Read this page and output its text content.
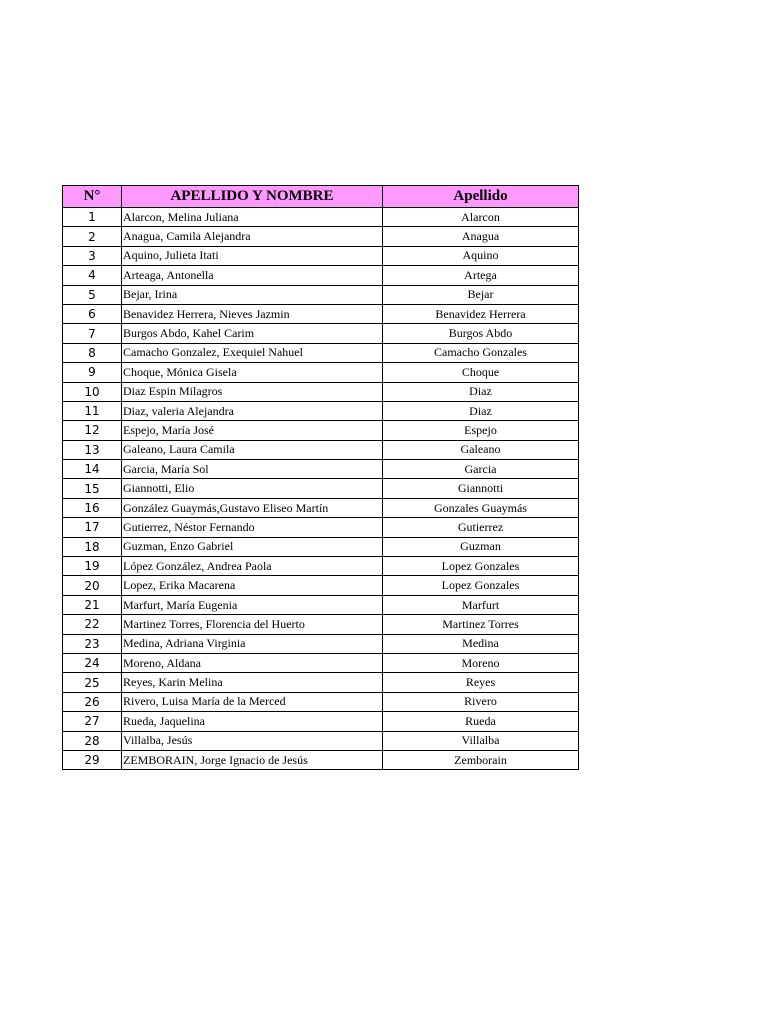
N°	APELLIDO Y NOMBRE	Apellido
1	Alarcon, Melina Juliana	Alarcon
2	Anagua, Camila Alejandra	Anagua
3	Aquino, Julieta Itati	Aquino
4	Arteaga, Antonella	Artega
5	Bejar, Irina	Bejar
6	Benavidez Herrera, Nieves Jazmin	Benavidez Herrera
7	Burgos Abdo, Kahel Carim	Burgos Abdo
8	Camacho Gonzalez, Exequiel Nahuel	Camacho Gonzales
9	Choque, Mónica Gisela	Choque
10	Diaz Espin Milagros	Diaz
11	Diaz, valeria Alejandra	Diaz
12	Espejo, María José	Espejo
13	Galeano, Laura Camila	Galeano
14	Garcia, María Sol	Garcia
15	Giannotti, Elio	Giannotti
16	González Guaymás,Gustavo Eliseo Martín	Gonzales Guaymás
17	Gutierrez, Néstor Fernando	Gutierrez
18	Guzman, Enzo Gabriel	Guzman
19	López González, Andrea Paola	Lopez Gonzales
20	Lopez, Erika Macarena	Lopez Gonzales
21	Marfurt, María Eugenia	Marfurt
22	Martinez Torres, Florencia del Huerto	Martinez Torres
23	Medina, Adriana Virginia	Medina
24	Moreno, Aldana	Moreno
25	Reyes, Karin Melina	Reyes
26	Rivero, Luisa María de la Merced	Rivero
27	Rueda, Jaquelina	Rueda
28	Villalba, Jesús	Villalba
29	ZEMBORAIN, Jorge Ignacio de Jesús	Zemborain
